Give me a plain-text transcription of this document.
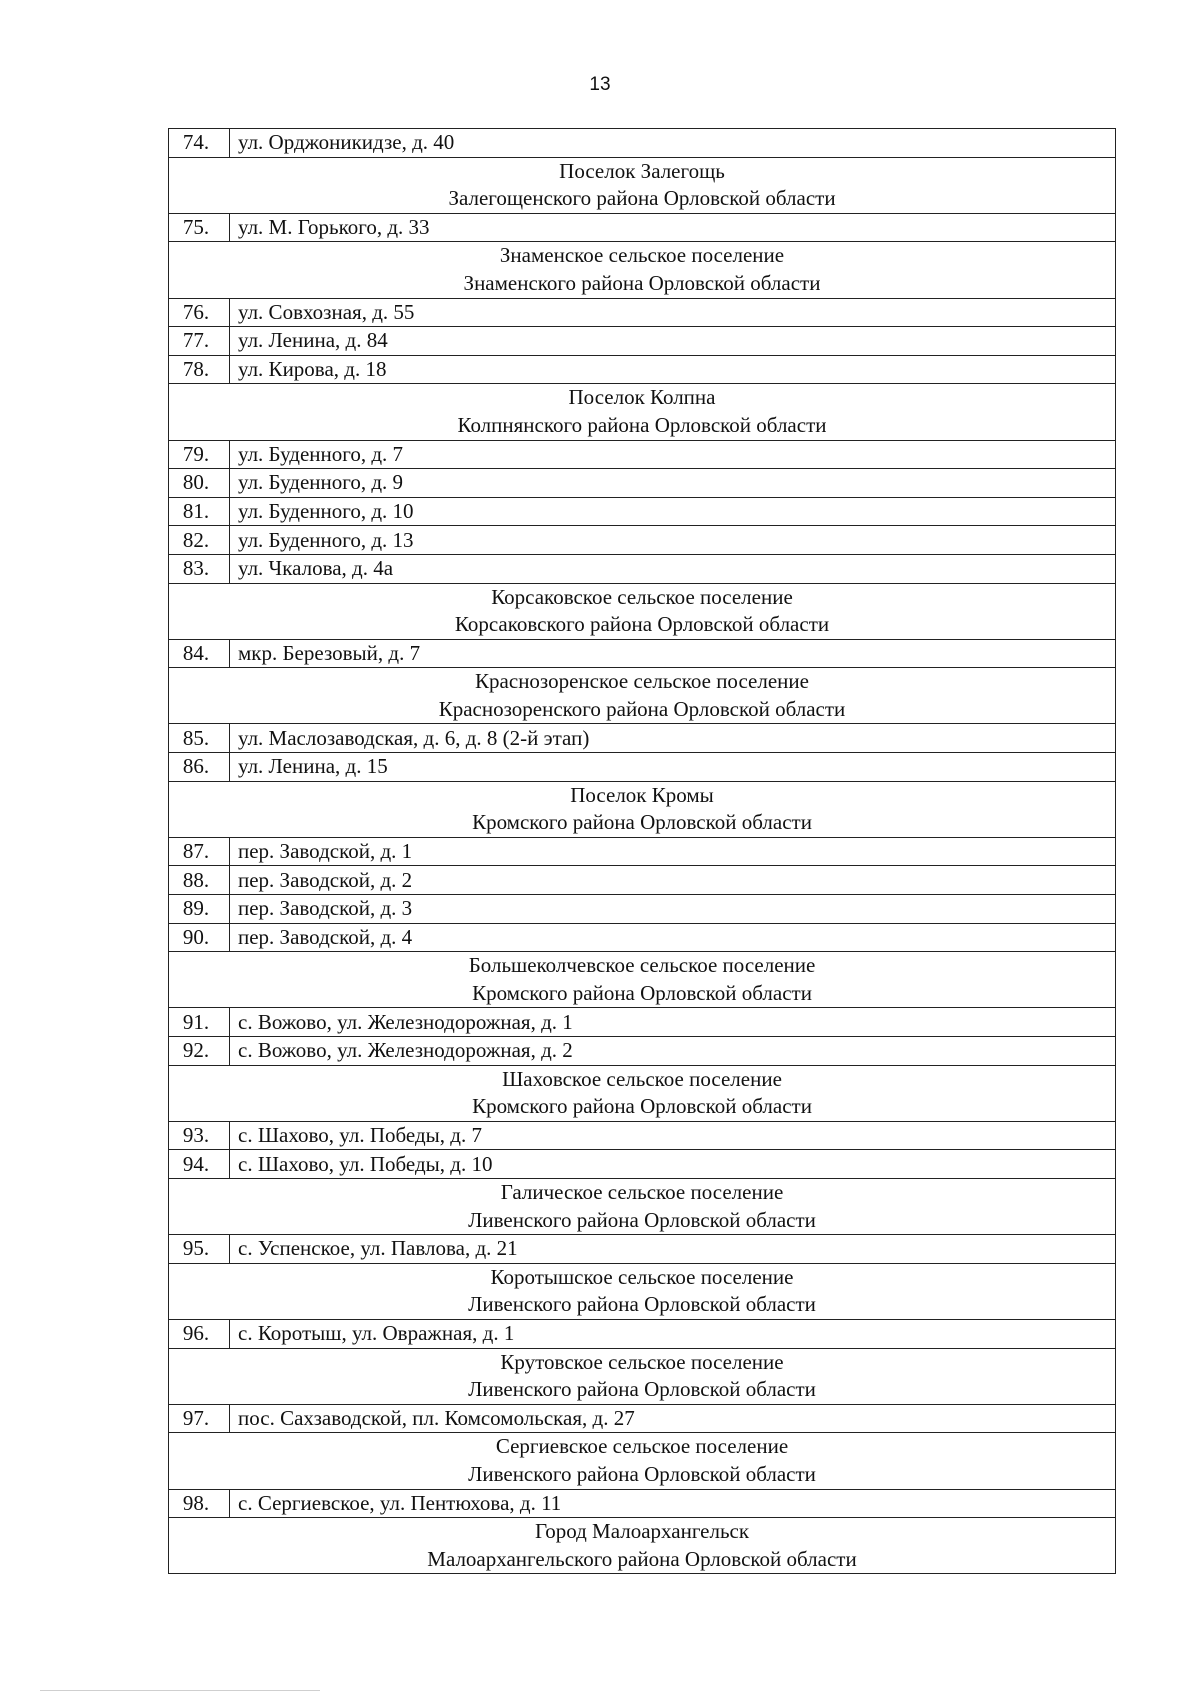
13
74.	ул. Орджоникидзе, д. 40

Поселок Залегощь
Залегощенского района Орловской области	

75.	ул. М. Горького, д. 33

Знаменское сельское поселение
Знаменского района Орловской области	

76.	ул. Совхозная, д. 55
77.	ул. Ленина, д. 84
78.	ул. Кирова, д. 18

Поселок Колпна
Колпнянского района Орловской области	

79.	ул. Буденного, д. 7
80.	ул. Буденного, д. 9
81.	ул. Буденного, д. 10
82.	ул. Буденного, д. 13
83.	ул. Чкалова, д. 4а

Корсаковское сельское поселение
Корсаковского района Орловской области	

84.	мкр. Березовый, д. 7

Краснозоренское сельское поселение
Краснозоренского района Орловской области	

85.	ул. Маслозаводская, д. 6, д. 8 (2-й этап)
86.	ул. Ленина, д. 15

Поселок Кромы
Кромского района Орловской области	

87.	пер. Заводской, д. 1
88.	пер. Заводской, д. 2
89.	пер. Заводской, д. 3
90.	пер. Заводской, д. 4

Большеколчевское сельское поселение
Кромского района Орловской области	

91.	с. Вожово, ул. Железнодорожная, д. 1
92.	с. Вожово, ул. Железнодорожная, д. 2

Шаховское сельское поселение
Кромского района Орловской области	

93.	с. Шахово, ул. Победы, д. 7
94.	с. Шахово, ул. Победы, д. 10

Галическое сельское поселение
Ливенского района Орловской области	

95.	с. Успенское, ул. Павлова, д. 21

Коротышское сельское поселение
Ливенского района Орловской области	

96.	с. Коротыш, ул. Овражная, д. 1

Крутовское сельское поселение
Ливенского района Орловской области	

97.	пос. Сахзаводской, пл. Комсомольская, д. 27

Сергиевское сельское поселение
Ливенского района Орловской области	

98.	с. Сергиевское, ул. Пентюхова, д. 11

Город Малоархангельск
Малоархангельского района Орловской области	
